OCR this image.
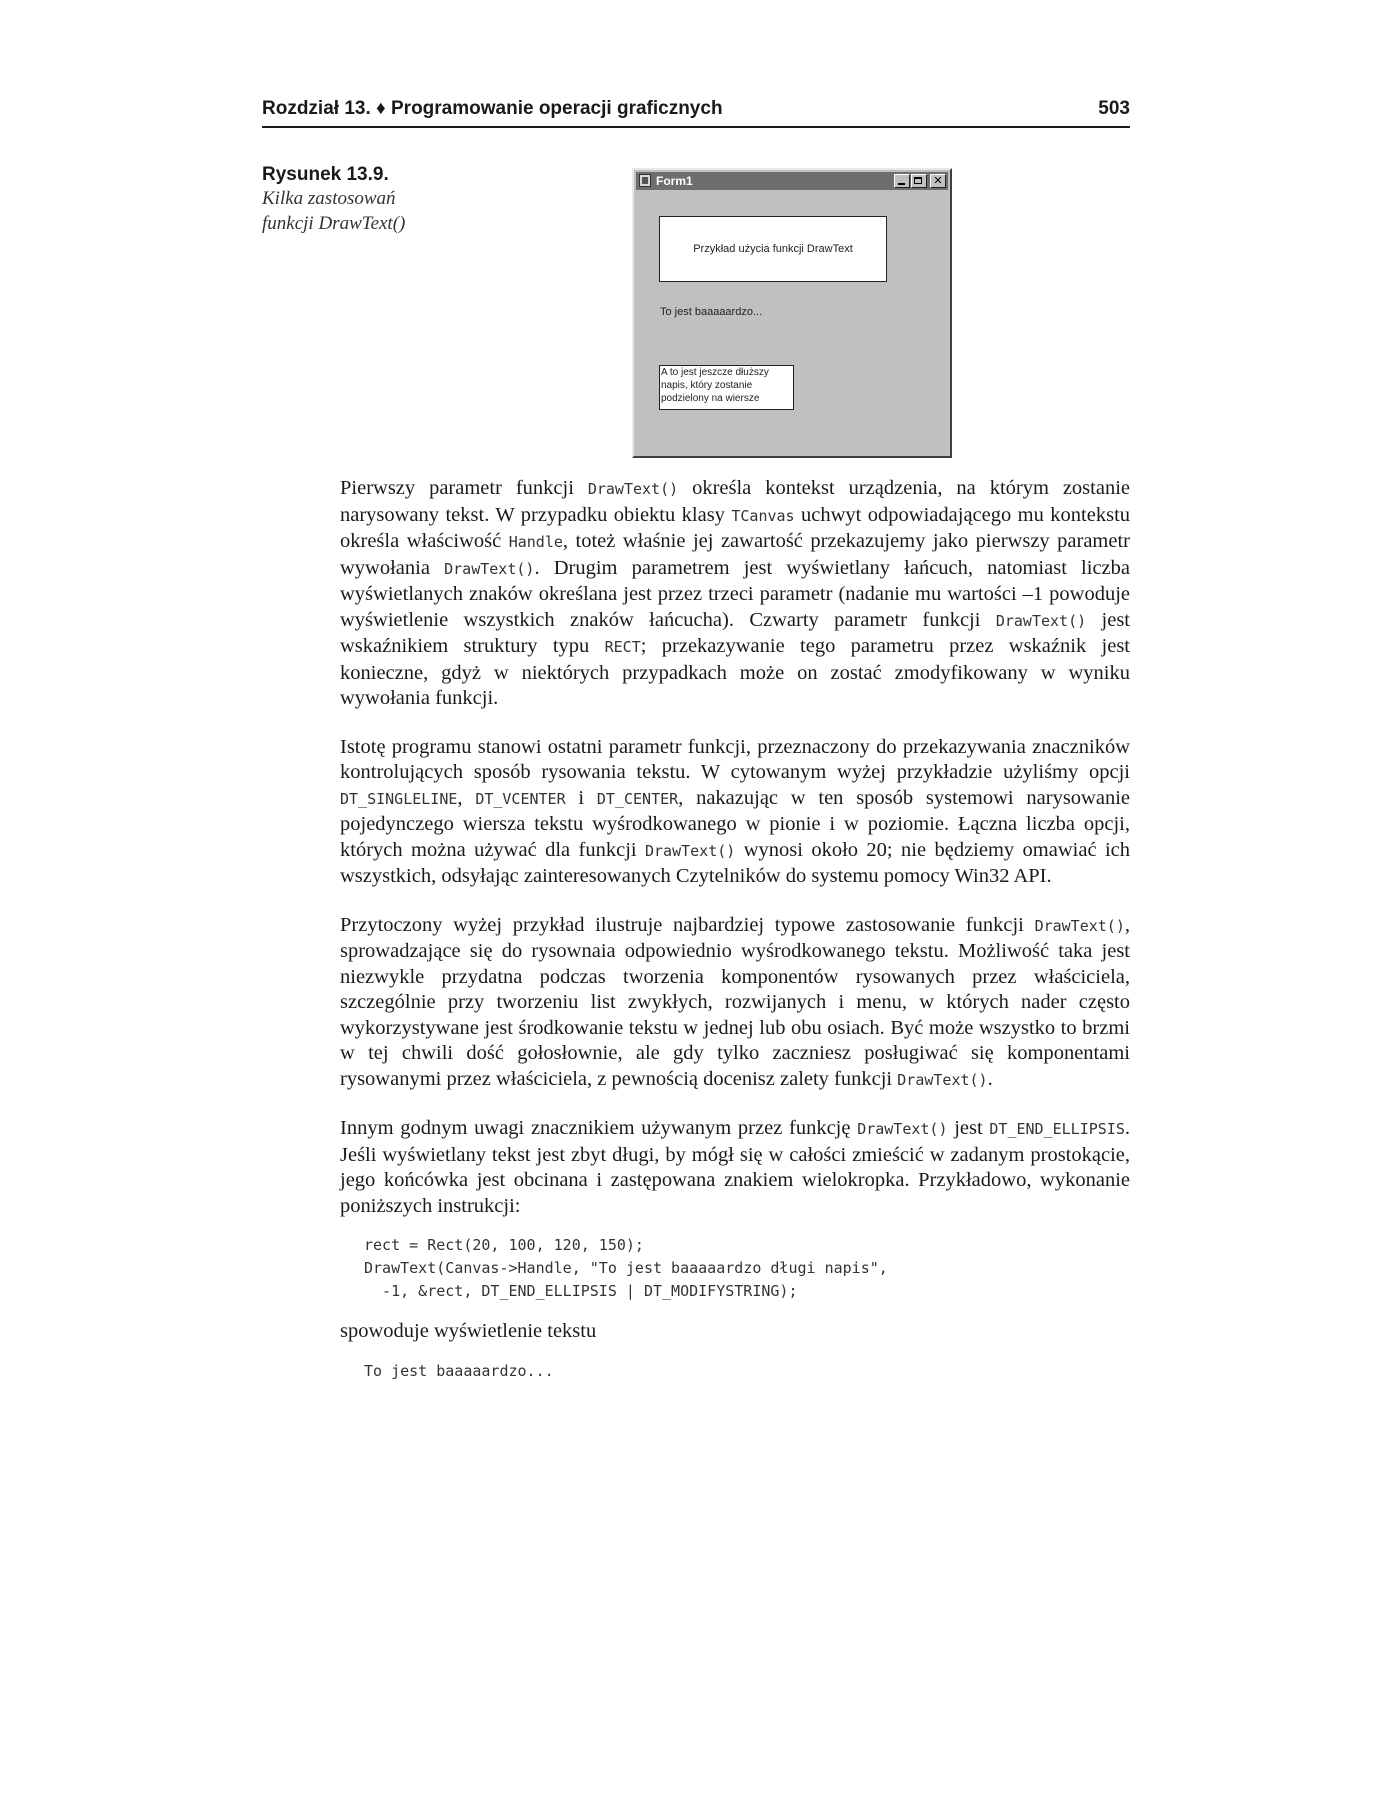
Rozdział 13. ♦ Programowanie operacji graficznych	503
Rysunek 13.9.
Kilka zastosowań
funkcji DrawText()
Form1	✕
Przykład użycia funkcji DrawText
To jest baaaaardzo...
A to jest jeszcze dłuższy
napis, który zostanie
podzielony na wiersze

Pierwszy parametr funkcji DrawText() określa kontekst urządzenia, na którym zostanie narysowany tekst. W przypadku obiektu klasy TCanvas uchwyt odpowiadającego mu kontekstu określa właściwość Handle, toteż właśnie jej zawartość przekazujemy jako pierwszy parametr wywołania DrawText(). Drugim parametrem jest wyświetlany łańcuch, natomiast liczba wyświetlanych znaków określana jest przez trzeci parametr (nadanie mu wartości –1 powoduje wyświetlenie wszystkich znaków łańcucha). Czwarty parametr funkcji DrawText() jest wskaźnikiem struktury typu RECT; przekazywanie tego parametru przez wskaźnik jest konieczne, gdyż w niektórych przypadkach może on zostać zmodyfikowany w wyniku wywołania funkcji.

Istotę programu stanowi ostatni parametr funkcji, przeznaczony do przekazywania znaczników kontrolujących sposób rysowania tekstu. W cytowanym wyżej przykładzie użyliśmy opcji DT_SINGLELINE, DT_VCENTER i DT_CENTER, nakazując w ten sposób systemowi narysowanie pojedynczego wiersza tekstu wyśrodkowanego w pionie i w poziomie. Łączna liczba opcji, których można używać dla funkcji DrawText() wynosi około 20; nie będziemy omawiać ich wszystkich, odsyłając zainteresowanych Czytelników do systemu pomocy Win32 API.

Przytoczony wyżej przykład ilustruje najbardziej typowe zastosowanie funkcji DrawText(), sprowadzające się do rysownaia odpowiednio wyśrodkowanego tekstu. Możliwość taka jest niezwykle przydatna podczas tworzenia komponentów rysowanych przez właściciela, szczególnie przy tworzeniu list zwykłych, rozwijanych i menu, w których nader często wykorzystywane jest środkowanie tekstu w jednej lub obu osiach. Być może wszystko to brzmi w tej chwili dość gołosłownie, ale gdy tylko zaczniesz posługiwać się komponentami rysowanymi przez właściciela, z pewnością docenisz zalety funkcji DrawText().

Innym godnym uwagi znacznikiem używanym przez funkcję DrawText() jest DT_END_ELLIPSIS. Jeśli wyświetlany tekst jest zbyt długi, by mógł się w całości zmieścić w zadanym prostokącie, jego końcówka jest obcinana i zastępowana znakiem wielokropka. Przykładowo, wykonanie poniższych instrukcji:

rect = Rect(20, 100, 120, 150);
DrawText(Canvas->Handle, "To jest baaaaardzo długi napis",
-1, &rect, DT_END_ELLIPSIS | DT_MODIFYSTRING);

spowoduje wyświetlenie tekstu

To jest baaaaardzo...
